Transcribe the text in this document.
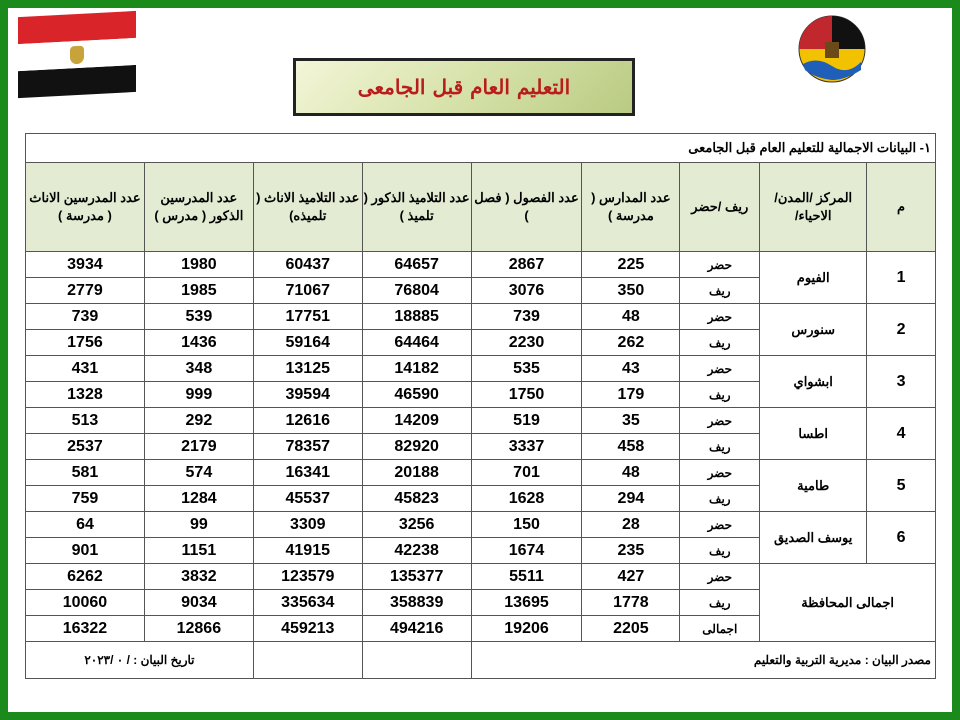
التعليم العام قبل الجامعى
١- البيانات الاجمالية للتعليم العام قبل الجامعى								
م	المركز /المدن/الاحياء/	ريف /حضر	عدد المدارس ( مدرسة )	عدد الفصول ( فصل )	عدد التلاميذ الذكور ( تلميذ )	عدد التلاميذ الاناث ( تلميذه)	عدد المدرسين الذكور ( مدرس )	عدد المدرسين الاناث ( مدرسة )
1	الفيوم	حضر	225	2867	64657	60437	1980	3934
		ريف	350	3076	76804	71067	1985	2779
2	سنورس	حضر	48	739	18885	17751	539	739
		ريف	262	2230	64464	59164	1436	1756
3	ابشواي	حضر	43	535	14182	13125	348	431
		ريف	179	1750	46590	39594	999	1328
4	اطسا	حضر	35	519	14209	12616	292	513
		ريف	458	3337	82920	78357	2179	2537
5	طامية	حضر	48	701	20188	16341	574	581
		ريف	294	1628	45823	45537	1284	759
6	يوسف الصديق	حضر	28	150	3256	3309	99	64
		ريف	235	1674	42238	41915	1151	901
اجمالى المحافظة		حضر	427	5511	135377	123579	3832	6262
		ريف	1778	13695	358839	335634	9034	10060
		اجمالى	2205	19206	494216	459213	12866	16322
مصدر البيان : مديرية التربية والتعليم							تاريخ البيان : / ٠ /٢٠٢٣	
